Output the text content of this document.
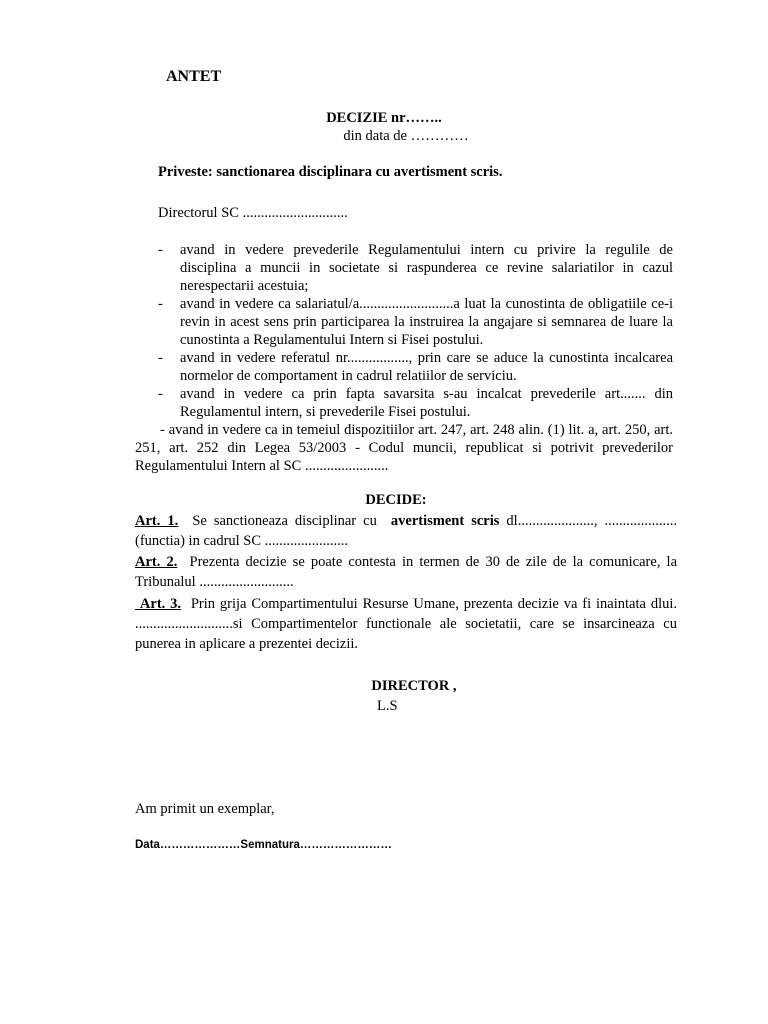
ANTET
DECIZIE nr……..
din data de …………
Priveste: sanctionarea disciplinara cu avertisment scris.
Directorul SC .............................
- avand in vedere prevederile Regulamentului intern cu privire la regulile de disciplina a muncii in societate si raspunderea ce revine salariatilor in cazul nerespectarii acestuia;
- avand in vedere ca salariatul/a..........................a luat la cunostinta de obligatiile ce-i revin in acest sens prin participarea la instruirea la angajare si semnarea de luare la cunostinta a Regulamentului Intern si Fisei postului.
- avand in vedere referatul nr................., prin care se aduce la cunostinta incalcarea normelor de comportament in cadrul relatiilor de serviciu.
- avand in vedere ca prin fapta savarsita s-au incalcat prevederile art....... din Regulamentul intern, si prevederile Fisei postului.
- avand in vedere ca in temeiul dispozitiilor art. 247, art. 248 alin. (1) lit. a, art. 250, art. 251, art. 252 din Legea 53/2003 - Codul muncii, republicat si potrivit prevederilor Regulamentului Intern al SC .......................
DECIDE:
Art. 1.  Se sanctioneaza disciplinar cu  avertisment scris dl....................., .................... (functia) in cadrul SC .......................
Art. 2.  Prezenta decizie se poate contesta in termen de 30 de zile de la comunicare, la Tribunalul ..........................
Art. 3.  Prin grija Compartimentului Resurse Umane, prezenta decizie va fi inaintata dlui. ...........................si Compartimentelor functionale ale societatii, care se insarcineaza cu punerea in aplicare a prezentei decizii.
DIRECTOR ,
L.S
Am primit un exemplar,
Data…………………Semnatura……………………
